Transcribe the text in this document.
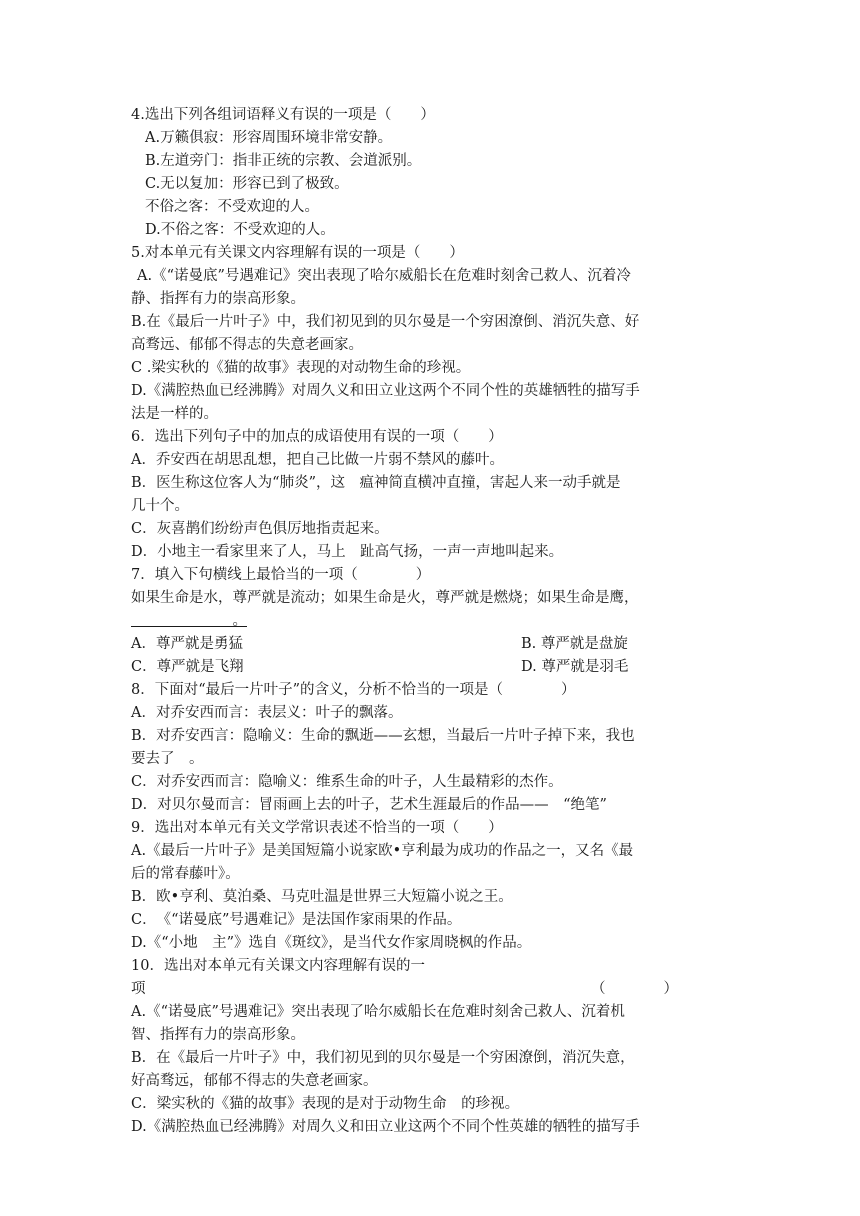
4.选出下列各组词语释义有误的一项是（　　）
A.万籁俱寂：形容周围环境非常安静。
B.左道旁门：指非正统的宗教、会道派别。
C.无以复加：形容已到了极致。
不俗之客：不受欢迎的人。
D.不俗之客：不受欢迎的人。
5.对本单元有关课文内容理解有误的一项是（　　）
A.《“诺曼底”号遇难记》突出表现了哈尔威船长在危难时刻舍己救人、沉着冷
静、指挥有力的崇高形象。
B.在《最后一片叶子》中，我们初见到的贝尔曼是一个穷困潦倒、消沉失意、好
高骛远、郁郁不得志的失意老画家。
C .梁实秋的《猫的故事》表现的对动物生命的珍视。
D.《满腔热血已经沸腾》对周久义和田立业这两个不同个性的英雄牺牲的描写手
法是一样的。
6．选出下列句子中的加点的成语使用有误的一项（　　）
A．乔安西在胡思乱想，把自己比做一片弱不禁风的藤叶。
B．医生称这位客人为“肺炎”，这　瘟神简直横冲直撞，害起人来一动手就是
几十个。
C．灰喜鹊们纷纷声色俱厉地指责起来。
D．小地主一看家里来了人，马上　趾高气扬，一声一声地叫起来。
7．填入下句横线上最恰当的一项（　　　　）
如果生命是水，尊严就是流动；如果生命是火，尊严就是燃烧；如果生命是鹰，
　　　　　　　。
A．尊严就是勇猛	B. 尊严就是盘旋
C．尊严就是飞翔	D. 尊严就是羽毛
8．下面对“最后一片叶子”的含义，分析不恰当的一项是（　　　　）
A．对乔安西而言：表层义：叶子的飘落。
B．对乔安西言：隐喻义：生命的飘逝——玄想，当最后一片叶子掉下来，我也
要去了　。
C．对乔安西而言：隐喻义：维系生命的叶子，人生最精彩的杰作。
D．对贝尔曼而言：冒雨画上去的叶子，艺术生涯最后的作品——　“绝笔”
9．选出对本单元有关文学常识表述不恰当的一项（　　）
A.《最后一片叶子》是美国短篇小说家欧•亨利最为成功的作品之一，又名《最
后的常春藤叶》。
B．欧•亨利、莫泊桑、马克吐温是世界三大短篇小说之王。
C．　《“诺曼底”号遇难记》是法国作家雨果的作品。
D.《“小地　主”》选自《斑纹》，是当代女作家周晓枫的作品。
10．选出对本单元有关课文内容理解有误的一
项	（　　　　）
A.《“诺曼底”号遇难记》突出表现了哈尔威船长在危难时刻舍己救人、沉着机
智、指挥有力的崇高形象。
B．在《最后一片叶子》中，我们初见到的贝尔曼是一个穷困潦倒，消沉失意，
好高骛远，郁郁不得志的失意老画家。
C．梁实秋的《猫的故事》表现的是对于动物生命　的珍视。
D.《满腔热血已经沸腾》对周久义和田立业这两个不同个性英雄的牺牲的描写手
